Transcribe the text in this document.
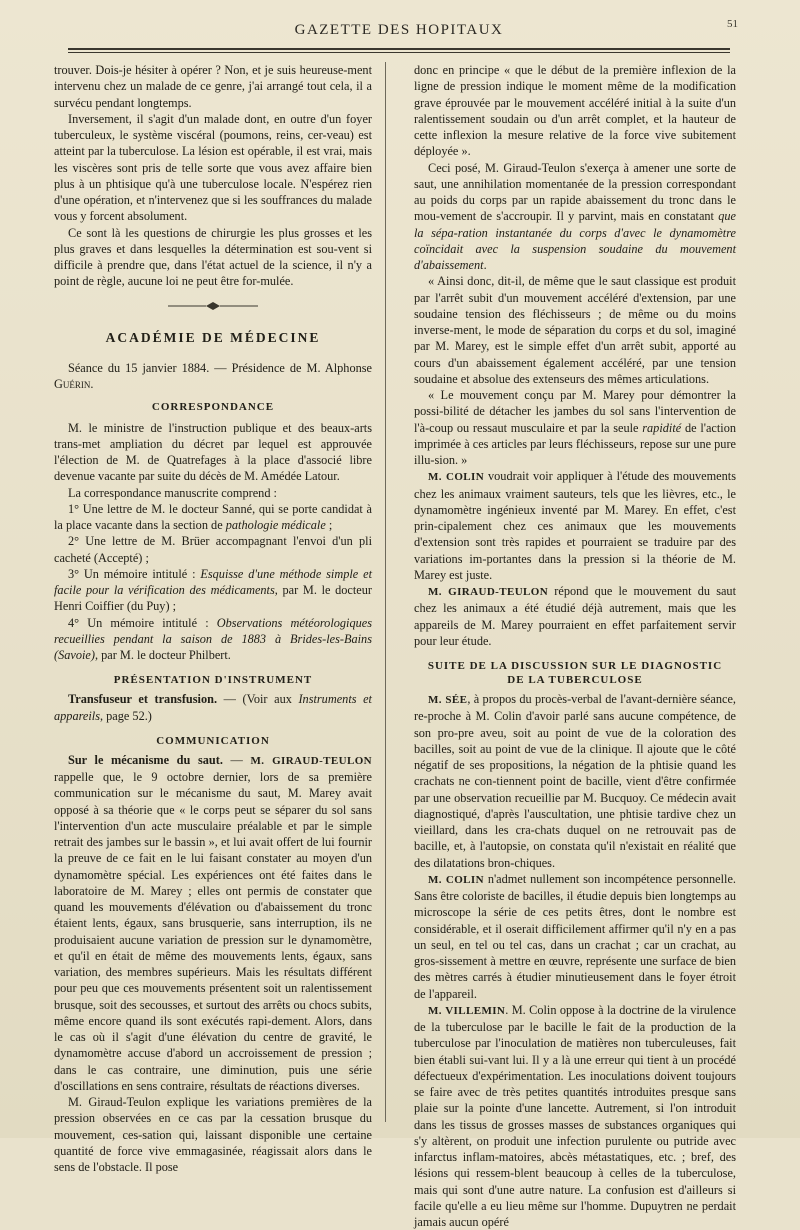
GAZETTE DES HOPITAUX	51

trouver. Dois-je hésiter à opérer ? Non, et je suis heureuse-ment intervenu chez un malade de ce genre, j'ai arrangé tout cela, il a survécu pendant longtemps.

Inversement, il s'agit d'un malade dont, en outre d'un foyer tuberculeux, le système viscéral (poumons, reins, cer-veau) est atteint par la tuberculose. La lésion est opérable, il est vrai, mais les viscères sont pris de telle sorte que vous avez affaire bien plus à un phtisique qu'à une tuberculose locale. N'espérez rien d'une opération, et n'intervenez que si les souffrances du malade vous y forcent absolument.

Ce sont là les questions de chirurgie les plus grosses et les plus graves et dans lesquelles la détermination est sou-vent si difficile à prendre que, dans l'état actuel de la science, il n'y a point de règle, aucune loi ne peut être for-mulée.

ACADÉMIE DE MÉDECINE

Séance du 15 janvier 1884. — Présidence de M. Alphonse Guérin.

CORRESPONDANCE

M. le ministre de l'instruction publique et des beaux-arts trans-met ampliation du décret par lequel est approuvée l'élection de M. de Quatrefages à la place d'associé libre devenue vacante par suite du décès de M. Amédée Latour.

La correspondance manuscrite comprend :

1° Une lettre de M. le docteur Sanné, qui se porte candidat à la place vacante dans la section de pathologie médicale ;

2° Une lettre de M. Brüer accompagnant l'envoi d'un pli cacheté (Accepté) ;

3° Un mémoire intitulé : Esquisse d'une méthode simple et facile pour la vérification des médicaments, par M. le docteur Henri Coiffier (du Puy) ;

4° Un mémoire intitulé : Observations météorologiques recueillies pendant la saison de 1883 à Brides-les-Bains (Savoie), par M. le docteur Philbert.

PRÉSENTATION D'INSTRUMENT

Transfuseur et transfusion. — (Voir aux Instruments et appareils, page 52.)

COMMUNICATION

Sur le mécanisme du saut. — M. GIRAUD-TEULON rappelle que, le 9 octobre dernier, lors de sa première communication sur le mécanisme du saut, M. Marey avait opposé à sa théorie que « le corps peut se séparer du sol sans l'intervention d'un acte musculaire préalable et par le simple retrait des jambes sur le bassin », et lui avait offert de lui fournir la preuve de ce fait en le lui faisant constater au moyen d'un dynamomètre spécial. Les expériences ont été faites dans le laboratoire de M. Marey ; elles ont permis de constater que quand les mouvements d'élévation ou d'abaissement du tronc étaient lents, égaux, sans brusquerie, sans interruption, ils ne produisaient aucune variation de pression sur le dynamomètre, et qu'il en était de même des mouvements lents, égaux, sans variation, des membres supérieurs. Mais les résultats différent pour peu que ces mouvements présentent soit un ralentissement brusque, soit des secousses, et surtout des arrêts ou chocs subits, même encore quand ils sont exécutés rapi-dement. Alors, dans le cas où il s'agit d'une élévation du centre de gravité, le dynamomètre accuse d'abord un accroissement de pression ; dans le cas contraire, une diminution, puis une série d'oscillations en sens contraire, résultats de réactions diverses.

M. Giraud-Teulon explique les variations premières de la pression observées en ce cas par la cessation brusque du mouvement, ces-sation qui, laissant disponible une certaine quantité de force vive emmagasinée, réagissait alors dans le sens de l'obstacle. Il pose

donc en principe « que le début de la première inflexion de la ligne de pression indique le moment même de la modification grave éprouvée par le mouvement accéléré initial à la suite d'un ralentissement soudain ou d'un arrêt complet, et la hauteur de cette inflexion la mesure relative de la force vive subitement déployée ».

Ceci posé, M. Giraud-Teulon s'exerça à amener une sorte de saut, une annihilation momentanée de la pression correspondant au poids du corps par un rapide abaissement du tronc dans le mou-vement de s'accroupir. Il y parvint, mais en constatant que la sépa-ration instantanée du corps d'avec le dynamomètre coïncidait avec la suspension soudaine du mouvement d'abaissement.

« Ainsi donc, dit-il, de même que le saut classique est produit par l'arrêt subit d'un mouvement accéléré d'extension, par une soudaine tension des fléchisseurs ; de même ou du moins inverse-ment, le mode de séparation du corps et du sol, imaginé par M. Marey, est le simple effet d'un arrêt subit, apporté au cours d'un abaissement également accéléré, par une tension soudaine et absolue des extenseurs des mêmes articulations.

« Le mouvement conçu par M. Marey pour démontrer la possi-bilité de détacher les jambes du sol sans l'intervention de l'à-coup ou ressaut musculaire et par la seule rapidité de l'action imprimée à ces articles par leurs fléchisseurs, repose sur une pure illu-sion. »

M. COLIN voudrait voir appliquer à l'étude des mouvements chez les animaux vraiment sauteurs, tels que les lièvres, etc., le dynamomètre ingénieux inventé par M. Marey. En effet, c'est prin-cipalement chez ces animaux que les mouvements d'extension sont très rapides et pourraient se traduire par des variations im-portantes dans la pression si la théorie de M. Marey est juste.

M. GIRAUD-TEULON répond que le mouvement du saut chez les animaux a été étudié déjà autrement, mais que les appareils de M. Marey pourraient en effet parfaitement servir pour leur étude.

SUITE DE LA DISCUSSION SUR LE DIAGNOSTIC
DE LA TUBERCULOSE

M. SÉE, à propos du procès-verbal de l'avant-dernière séance, re-proche à M. Colin d'avoir parlé sans aucune compétence, de son pro-pre aveu, soit au point de vue de la coloration des bacilles, soit au point de vue de la clinique. Il ajoute que le côté négatif de ses propositions, la négation de la phtisie quand les crachats ne con-tiennent point de bacille, vient d'être confirmée par une observation recueillie par M. Bucquoy. Ce médecin avait diagnostiqué, d'après l'auscultation, une phtisie tardive chez un vieillard, dans les cra-chats duquel on ne retrouvait pas de bacille, et, à l'autopsie, on constata qu'il n'existait en réalité que des dilatations bron-chiques.

M. COLIN n'admet nullement son incompétence personnelle. Sans être coloriste de bacilles, il étudie depuis bien longtemps au microscope la série de ces petits êtres, dont le nombre est considérable, et il oserait difficilement affirmer qu'il n'y en a pas un seul, en tel ou tel cas, dans un crachat ; car un crachat, au gros-sissement à mettre en œuvre, représente une surface de bien des mètres carrés à étudier minutieusement dans le foyer étroit de l'appareil.

M. VILLEMIN. M. Colin oppose à la doctrine de la virulence de la tuberculose par le bacille le fait de la production de la tuberculose par l'inoculation de matières non tuberculeuses, fait bien établi sui-vant lui. Il y a là une erreur qui tient à un procédé défectueux d'expérimentation. Les inoculations doivent toujours se faire avec de très petites quantités introduites presque sans plaie sur la pointe d'une lancette. Autrement, si l'on introduit dans les tissus de grosses masses de substances organiques qui s'y altèrent, on produit une infection purulente ou putride avec infarctus inflam-matoires, abcès métastatiques, etc. ; bref, des lésions qui ressem-blent beaucoup à celles de la tuberculose, mais qui sont d'une autre nature. La confusion est d'ailleurs si facile qu'elle a eu lieu même sur l'homme. Dupuytren ne perdait jamais aucun opéré
